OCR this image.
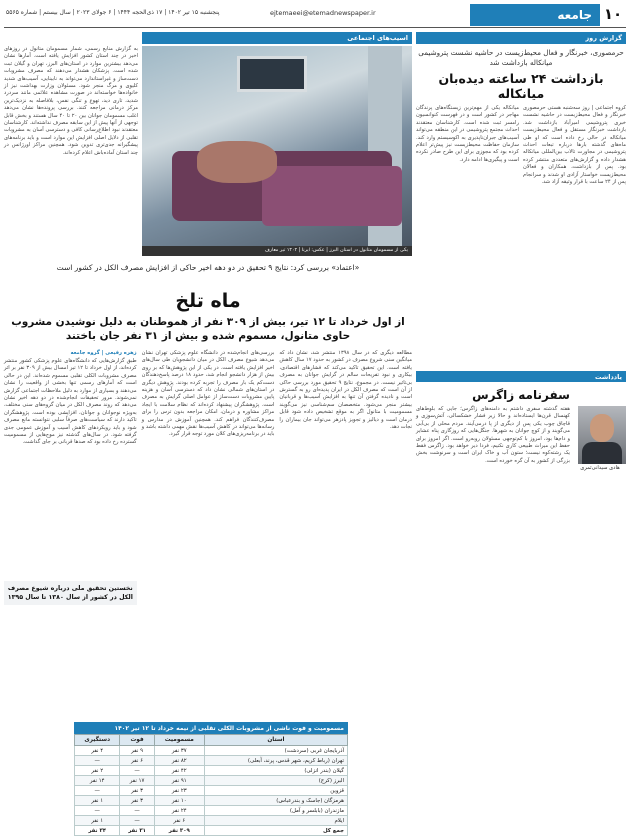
۱۰
جامعه
ejtemaeei@etemadnewspaper.ir
پنجشنبه ۱۵ تیر ۱۴۰۲ | ۱۷ ذی‌الحجه ۱۴۴۴ | ۶ جولای ۲۰۲۳ | سال بیستم | شماره ۵۵۶۵
گزارش روز
حرمصوری، خبرنگار و فعال محیط‌زیست در حاشیه نشست پتروشیمی میانکاله بازداشت شد
بازداشت ۲۴ ساعته دیده‌بان میانکاله
کروه اجتماعی | روز سه‌شنبه هستی حرمصوری خبرنگار و فعال محیط‌زیست در حاشیه نشست خبری پتروشیمی امیرآباد بازداشت شد. بازداشت خبرنگار مستقل و فعال محیط‌زیست میانکاله در حالی رخ داده است که او طی ماه‌های گذشته بارها درباره تبعات احداث پتروشیمی در مجاورت تالاب بین‌المللی میانکاله هشدار داده و گزارش‌های متعددی منتشر کرده بود. پس از بازداشت، همکاران و فعالان محیط‌زیست خواستار آزادی او شدند و سرانجام پس از ۲۴ ساعت با قرار وثیقه آزاد شد.
میانکاله یکی از مهم‌ترین زیستگاه‌های پرندگان مهاجر در کشور است و در فهرست کنوانسیون رامسر ثبت شده است. کارشناسان معتقدند احداث مجتمع پتروشیمی در این منطقه می‌تواند آسیب‌های جبران‌ناپذیری به اکوسیستم وارد کند. سازمان حفاظت محیط‌زیست نیز پیش‌تر اعلام کرده بود که مجوزی برای این طرح صادر نکرده است و پیگیری‌ها ادامه دارد.
یادداشت
سفرنامه زاگرس
هادی سیدانی‌ثمری
هفته گذشته سفری داشتم به دامنه‌های زاگرس؛ جایی که بلوط‌های کهنسال قرن‌ها ایستاده‌اند و حالا زیر فشار خشکسالی، آتش‌سوزی و قاچاق چوب یکی پس از دیگری از پا درمی‌آیند. مردم محلی از بی‌آبی می‌گویند و از کوچ جوانان به شهرها. جنگل‌هایی که روزگاری پناه عشایر و دام‌ها بود، امروز با کم‌توجهی مسئولان روبه‌رو است. اگر امروز برای حفظ این میراث طبیعی کاری نکنیم، فردا دیر خواهد بود. زاگرس فقط یک رشته‌کوه نیست؛ ستون آب و خاک ایران است و سرنوشت بخش بزرگی از کشور به آن گره خورده است.
اسیب‌های اجتماعی
یکی از مسمومان متانول در استان البرز | عکس: ایرنا | ۱۴۰۲ تیر معارف
به گزارش منابع رسمی، شمار مسمومان متانول در روزهای اخیر در چند استان کشور افزایش یافته است. آمارها نشان می‌دهد بیشترین موارد در استان‌های البرز، تهران و گیلان ثبت شده است. پزشکان هشدار می‌دهند که مصرف مشروبات دست‌ساز و غیراستاندارد می‌تواند به نابینایی، آسیب‌های شدید کلیوی و مرگ منجر شود. مسئولان وزارت بهداشت نیز از خانواده‌ها خواسته‌اند در صورت مشاهده علائمی مانند سردرد شدید، تاری دید، تهوع و تنگی نفس، بلافاصله به نزدیک‌ترین مرکز درمانی مراجعه کنند. بررسی پرونده‌ها نشان می‌دهد اغلب مسمومان جوانان بین ۲۰ تا ۴۰ سال هستند و بخش قابل توجهی از آنها پیش از این سابقه مصرف نداشته‌اند. کارشناسان معتقدند نبود اطلاع‌رسانی کافی و دسترسی آسان به مشروبات تقلبی از دلایل اصلی افزایش این موارد است و باید برنامه‌های پیشگیرانه جدی‌تری تدوین شود. همچنین مراکز اورژانس در چند استان آماده‌باش اعلام کرده‌اند.
«اعتماد» بررسی کرد: نتایج ۹ تحقیق در دو دهه اخیر حاکی از افزایش مصرف الکل در کشور است
ماه تلخ
از اول خرداد تا ۱۲ تیر، بیش از ۳۰۹ نفر از هموطنان به دلیل نوشیدن مشروب حاوی متانول، مسموم شده و بیش از ۳۱ نفر جان باختند
مطالعه دیگری که در سال ۱۳۹۸ منتشر شد، نشان داد که میانگین سنی شروع مصرف در کشور به حدود ۱۷ سال کاهش یافته است. این تحقیق تاکید می‌کند که فشارهای اقتصادی، بیکاری و نبود تفریحات سالم در گرایش جوانان به مصرف بی‌تاثیر نیست. در مجموع، نتایج ۹ تحقیق مورد بررسی حاکی از آن است که مصرف الکل در ایران پدیده‌ای رو به گسترش است و نادیده گرفتن آن تنها به افزایش آسیب‌ها و قربانیان بیشتر منجر می‌شود. متخصصان سم‌شناسی نیز می‌گویند مسمومیت با متانول اگر به موقع تشخیص داده شود قابل درمان است و دیالیز و تجویز پادزهر می‌تواند جان بیماران را نجات دهد.
بررسی‌های انجام‌شده در دانشگاه علوم پزشکی تهران نشان می‌دهد شیوع مصرف الکل در میان دانشجویان طی سال‌های اخیر افزایش یافته است. در یکی از این پژوهش‌ها که بر روی بیش از هزار دانشجو انجام شد، حدود ۱۸ درصد پاسخ‌دهندگان دست‌کم یک بار مصرف را تجربه کرده بودند. پژوهش دیگری در استان‌های شمالی نشان داد که دسترسی آسان و هزینه پایین مشروبات دست‌ساز از عوامل اصلی گرایش به مصرف است. پژوهشگران پیشنهاد کرده‌اند که نظام سلامت با ایجاد مراکز مشاوره و درمان، امکان مراجعه بدون ترس را برای مصرف‌کنندگان فراهم کند. همچنین آموزش در مدارس و رسانه‌ها می‌تواند در کاهش آسیب‌ها نقش مهمی داشته باشد و باید در برنامه‌ریزی‌های کلان مورد توجه قرار گیرد.
زهره رفیعی | گروه جامعه
طبق گزارش‌هایی که دانشگاه‌های علوم پزشکی کشور منتشر کرده‌اند، از اول خرداد تا ۱۲ تیر امسال بیش از ۳۰۹ نفر بر اثر مصرف مشروبات الکلی تقلبی مسموم شده‌اند. این در حالی است که آمارهای رسمی تنها بخشی از واقعیت را نشان می‌دهند و بسیاری از موارد به دلیل ملاحظات اجتماعی گزارش نمی‌شوند. مرور تحقیقات انجام‌شده در دو دهه اخیر نشان می‌دهد که روند مصرف الکل در میان گروه‌های سنی مختلف، به‌ویژه نوجوانان و جوانان، افزایشی بوده است. پژوهشگران تاکید دارند که سیاست‌های صرفاً سلبی نتوانسته مانع مصرف شود و باید رویکردهای کاهش آسیب و آموزش عمومی جدی گرفته شود. در سال‌های گذشته نیز موج‌هایی از مسمومیت گسترده رخ داده بود که صدها قربانی بر جای گذاشت.
نخستین تحقیق ملی درباره شیوع مصرف الکل در کشور از سال ۱۳۸۰ تا سال ۱۳۹۵
مسمومیت و فوت ناشی از مشروبات الکلی تقلبی از نیمه خرداد تا ۱۲ تیر ۱۴۰۲
استان	مسمومیت	فوت	دستگیری
آذربایجان غربی (سردشت)	۳۷ نفر	۹ نفر	۴ نفر
تهران (رباط کریم، شهر قدس، پرند، آبعلی)	۸۲ نفر	۶ نفر	—
گیلان (بندر انزلی)	۴۲ نفر	—	۲ نفر
البرز (کرج)	۹۱ نفر	۱۷ نفر	۱۴ نفر
قزوین	۲۳ نفر	۳ نفر	—
هرمزگان (جاسک و بندرعباس)	۱۰ نفر	۳ نفر	۱ نفر
مازندران (بابلسر و آمل)	۲۴ نفر	—	—
ایلام	۶ نفر	—	۱ نفر
جمع کل	۳۰۹ نفر	۳۱ نفر	۳۴ نفر
